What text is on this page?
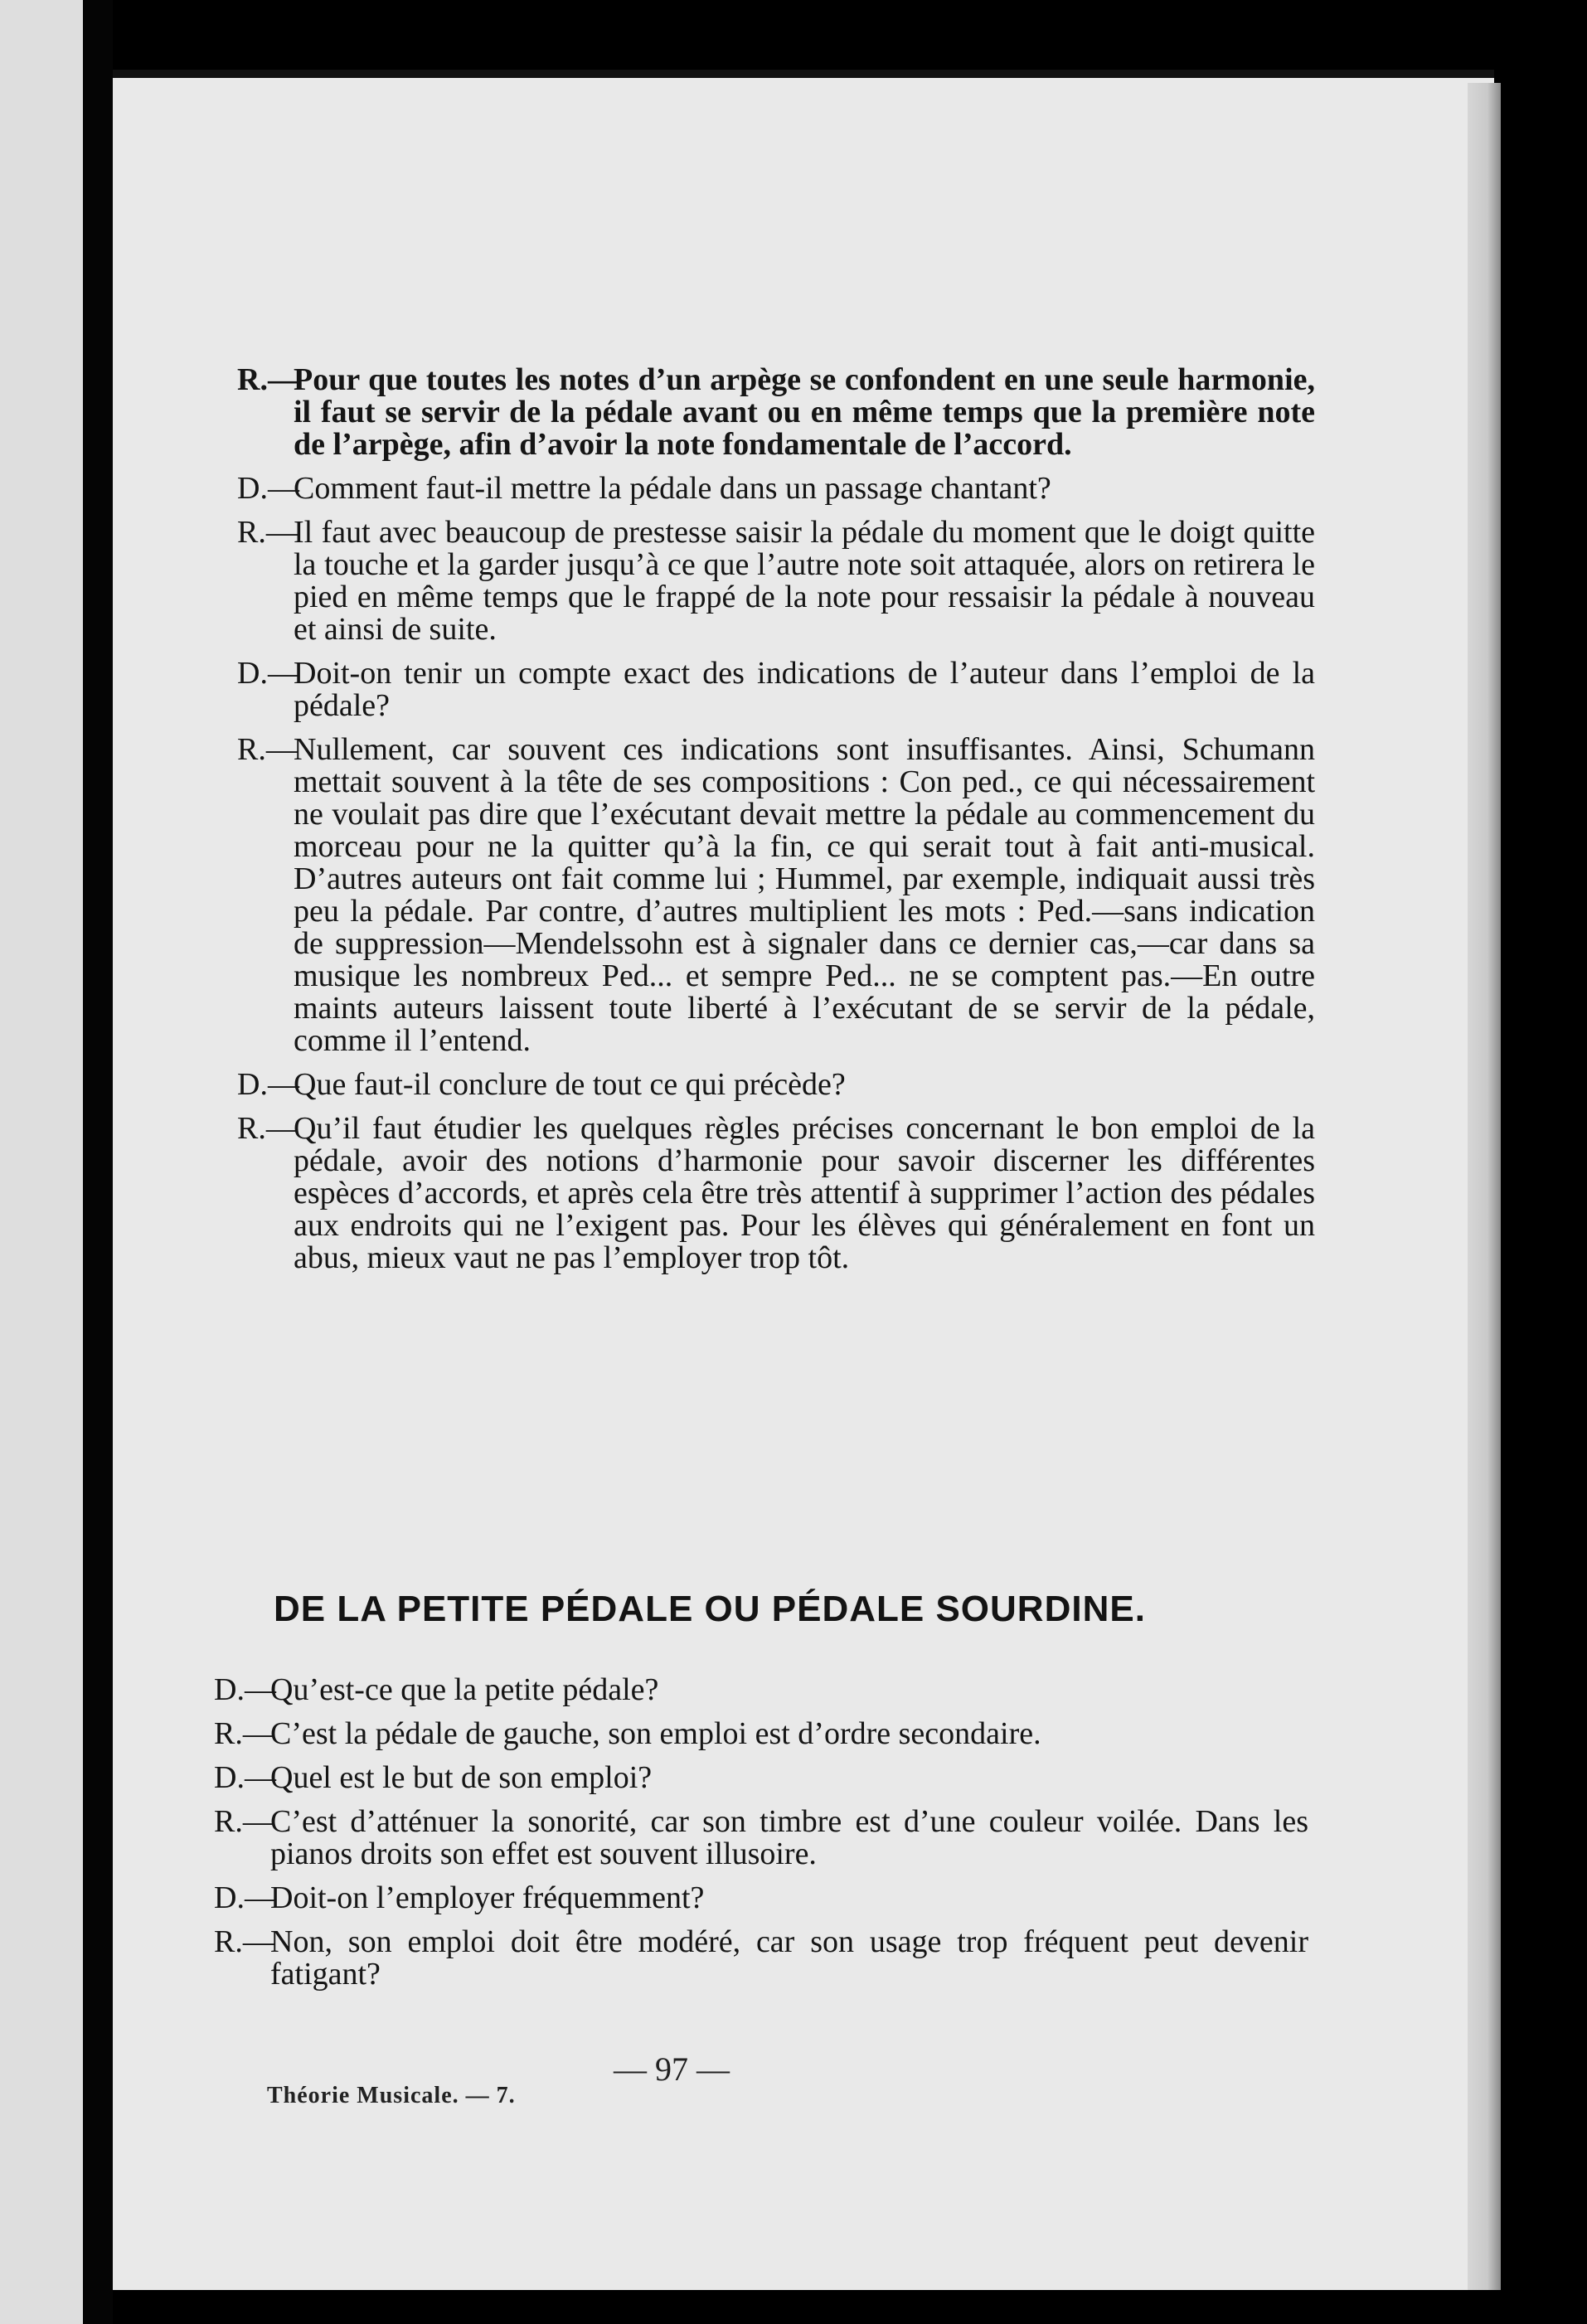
R.—
Pour que toutes les notes d’un arpège se confondent en une seule harmonie, il faut se servir de la pédale avant ou en même temps que la première note de l’arpège, afin d’avoir la note fondamentale de l’accord.
D.—
Comment faut-il mettre la pédale dans un passage chantant?
R.—
Il faut avec beaucoup de prestesse saisir la pédale du moment que le doigt quitte la touche et la garder jusqu’à ce que l’autre note soit attaquée, alors on retirera le pied en même temps que le frappé de la note pour ressaisir la pédale à nouveau et ainsi de suite.
D.—
Doit-on tenir un compte exact des indications de l’auteur dans l’emploi de la pédale?
R.—
Nullement, car souvent ces indications sont insuffisantes. Ainsi, Schumann mettait souvent à la tête de ses compositions : Con ped., ce qui nécessairement ne voulait pas dire que l’exécutant devait mettre la pédale au commencement du morceau pour ne la quitter qu’à la fin, ce qui serait tout à fait anti-musical. D’autres auteurs ont fait comme lui ; Hummel, par exemple, indiquait aussi très peu la pédale. Par contre, d’autres multiplient les mots : Ped.—sans indication de suppression—Mendelssohn est à signaler dans ce dernier cas,—car dans sa musique les nombreux Ped... et sempre Ped... ne se comptent pas.—En outre maints auteurs laissent toute liberté à l’exécutant de se servir de la pédale, comme il l’entend.
D.—
Que faut-il conclure de tout ce qui précède?
R.—
Qu’il faut étudier les quelques règles précises concernant le bon emploi de la pédale, avoir des notions d’harmonie pour savoir discerner les différentes espèces d’accords, et après cela être très attentif à supprimer l’action des pédales aux endroits qui ne l’exigent pas. Pour les élèves qui généralement en font un abus, mieux vaut ne pas l’employer trop tôt.
DE LA PETITE PÉDALE OU PÉDALE SOURDINE.
D.—
Qu’est-ce que la petite pédale?
R.—
C’est la pédale de gauche, son emploi est d’ordre secondaire.
D.—
Quel est le but de son emploi?
R.—
C’est d’atténuer la sonorité, car son timbre est d’une couleur voilée. Dans les pianos droits son effet est souvent illusoire.
D.—
Doit-on l’employer fréquemment?
R.—
Non, son emploi doit être modéré, car son usage trop fréquent peut devenir fatigant?
— 97 —
Théorie Musicale. — 7.
